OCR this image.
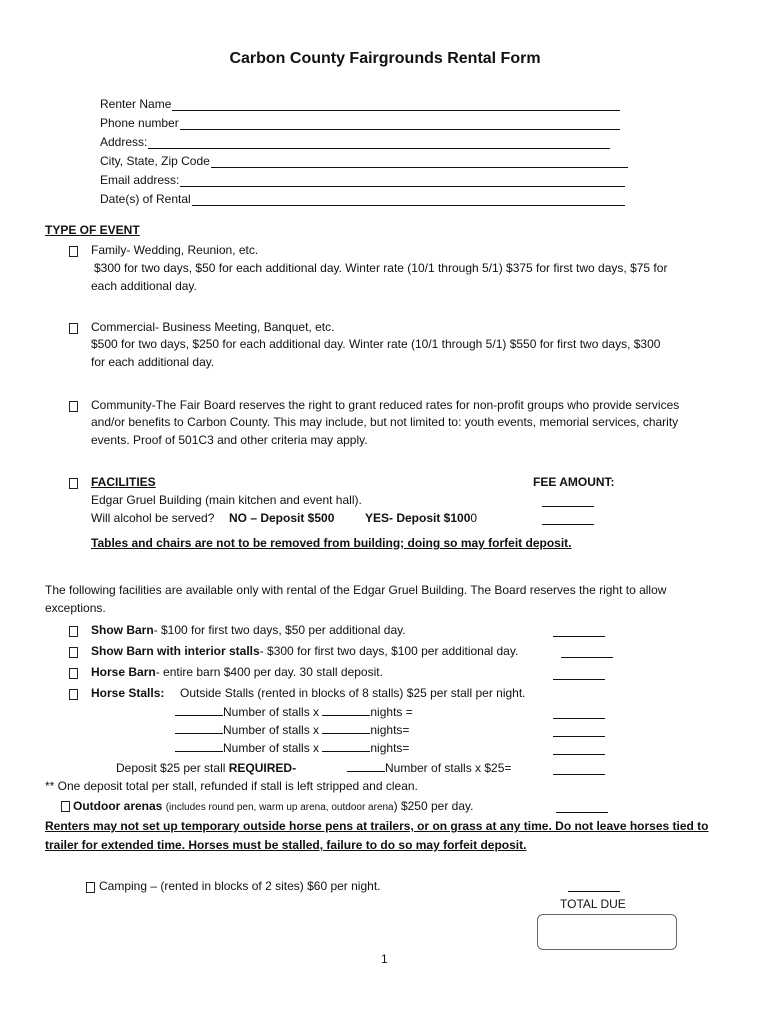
Carbon County Fairgrounds Rental Form
Renter Name
Phone number
Address:
City, State, Zip Code
Email address:
Date(s) of Rental
TYPE OF EVENT
Family- Wedding, Reunion, etc.
$300 for two days, $50 for each additional day. Winter rate (10/1 through 5/1) $375 for first two days, $75 for
each additional day.
Commercial- Business Meeting, Banquet, etc.
$500 for two days, $250 for each additional day. Winter rate (10/1 through 5/1) $550 for first two days, $300
for each additional day.
Community-The Fair Board reserves the right to grant reduced rates for non-profit groups who provide services
and/or benefits to Carbon County. This may include, but not limited to: youth events, memorial services, charity
events. Proof of 501C3 and other criteria may apply.
FACILITIES	FEE AMOUNT:
Edgar Gruel Building (main kitchen and event hall).
Will alcohol be served? NO – Deposit $500	YES- Deposit $1000
Tables and chairs are not to be removed from building; doing so may forfeit deposit.
The following facilities are available only with rental of the Edgar Gruel Building. The Board reserves the right to allow
exceptions.
Show Barn- $100 for first two days, $50 per additional day.
Show Barn with interior stalls- $300 for first two days, $100 per additional day.
Horse Barn- entire barn $400 per day. 30 stall deposit.
Horse Stalls: Outside Stalls (rented in blocks of 8 stalls) $25 per stall per night.
Number of stalls x	nights =
Number of stalls x	nights=
Number of stalls x	nights=
Deposit $25 per stall REQUIRED-	Number of stalls x $25=
** One deposit total per stall, refunded if stall is left stripped and clean.
Outdoor arenas (includes round pen, warm up arena, outdoor arena) $250 per day.
Renters may not set up temporary outside horse pens at trailers, or on grass at any time. Do not leave horses tied to
trailer for extended time. Horses must be stalled, failure to do so may forfeit deposit.
Camping – (rented in blocks of 2 sites) $60 per night.
TOTAL DUE
1
